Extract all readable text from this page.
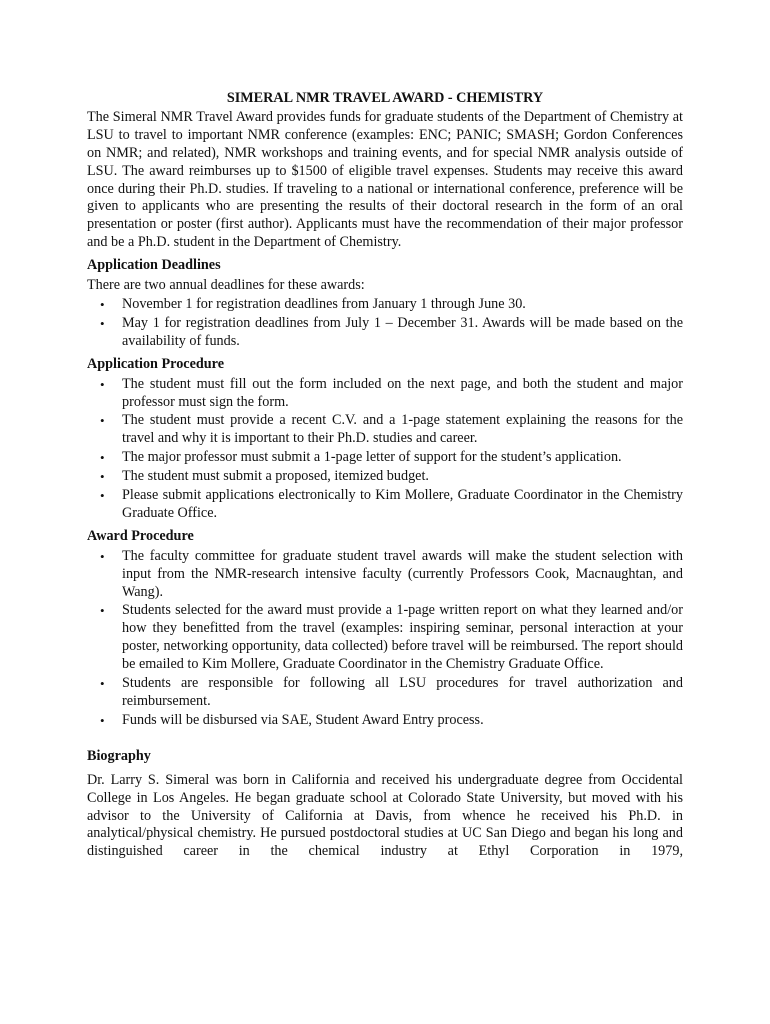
SIMERAL NMR TRAVEL AWARD - CHEMISTRY

The Simeral NMR Travel Award provides funds for graduate students of the Department of Chemistry at LSU to travel to important NMR conference (examples: ENC; PANIC; SMASH; Gordon Conferences on NMR; and related), NMR workshops and training events, and for special NMR analysis outside of LSU. The award reimburses up to $1500 of eligible travel expenses. Students may receive this award once during their Ph.D. studies. If traveling to a national or international conference, preference will be given to applicants who are presenting the results of their doctoral research in the form of an oral presentation or poster (first author). Applicants must have the recommendation of their major professor and be a Ph.D. student in the Department of Chemistry.

Application Deadlines

There are two annual deadlines for these awards:

• November 1 for registration deadlines from January 1 through June 30.
• May 1 for registration deadlines from July 1 – December 31. Awards will be made based on the availability of funds.
Application Procedure
• The student must fill out the form included on the next page, and both the student and major professor must sign the form.
• The student must provide a recent C.V. and a 1-page statement explaining the reasons for the travel and why it is important to their Ph.D. studies and career.
• The major professor must submit a 1-page letter of support for the student’s application.
• The student must submit a proposed, itemized budget.
• Please submit applications electronically to Kim Mollere, Graduate Coordinator in the Chemistry Graduate Office.
Award Procedure
• The faculty committee for graduate student travel awards will make the student selection with input from the NMR-research intensive faculty (currently Professors Cook, Macnaughtan, and Wang).
• Students selected for the award must provide a 1-page written report on what they learned and/or how they benefitted from the travel (examples: inspiring seminar, personal interaction at your poster, networking opportunity, data collected) before travel will be reimbursed. The report should be emailed to Kim Mollere, Graduate Coordinator in the Chemistry Graduate Office.
• Students are responsible for following all LSU procedures for travel authorization and reimbursement.
• Funds will be disbursed via SAE, Student Award Entry process.
Biography

Dr. Larry S. Simeral was born in California and received his undergraduate degree from Occidental College in Los Angeles. He began graduate school at Colorado State University, but moved with his advisor to the University of California at Davis, from whence he received his Ph.D. in analytical/physical chemistry. He pursued postdoctoral studies at UC San Diego and began his long and distinguished career in the chemical industry at Ethyl Corporation in 1979,
